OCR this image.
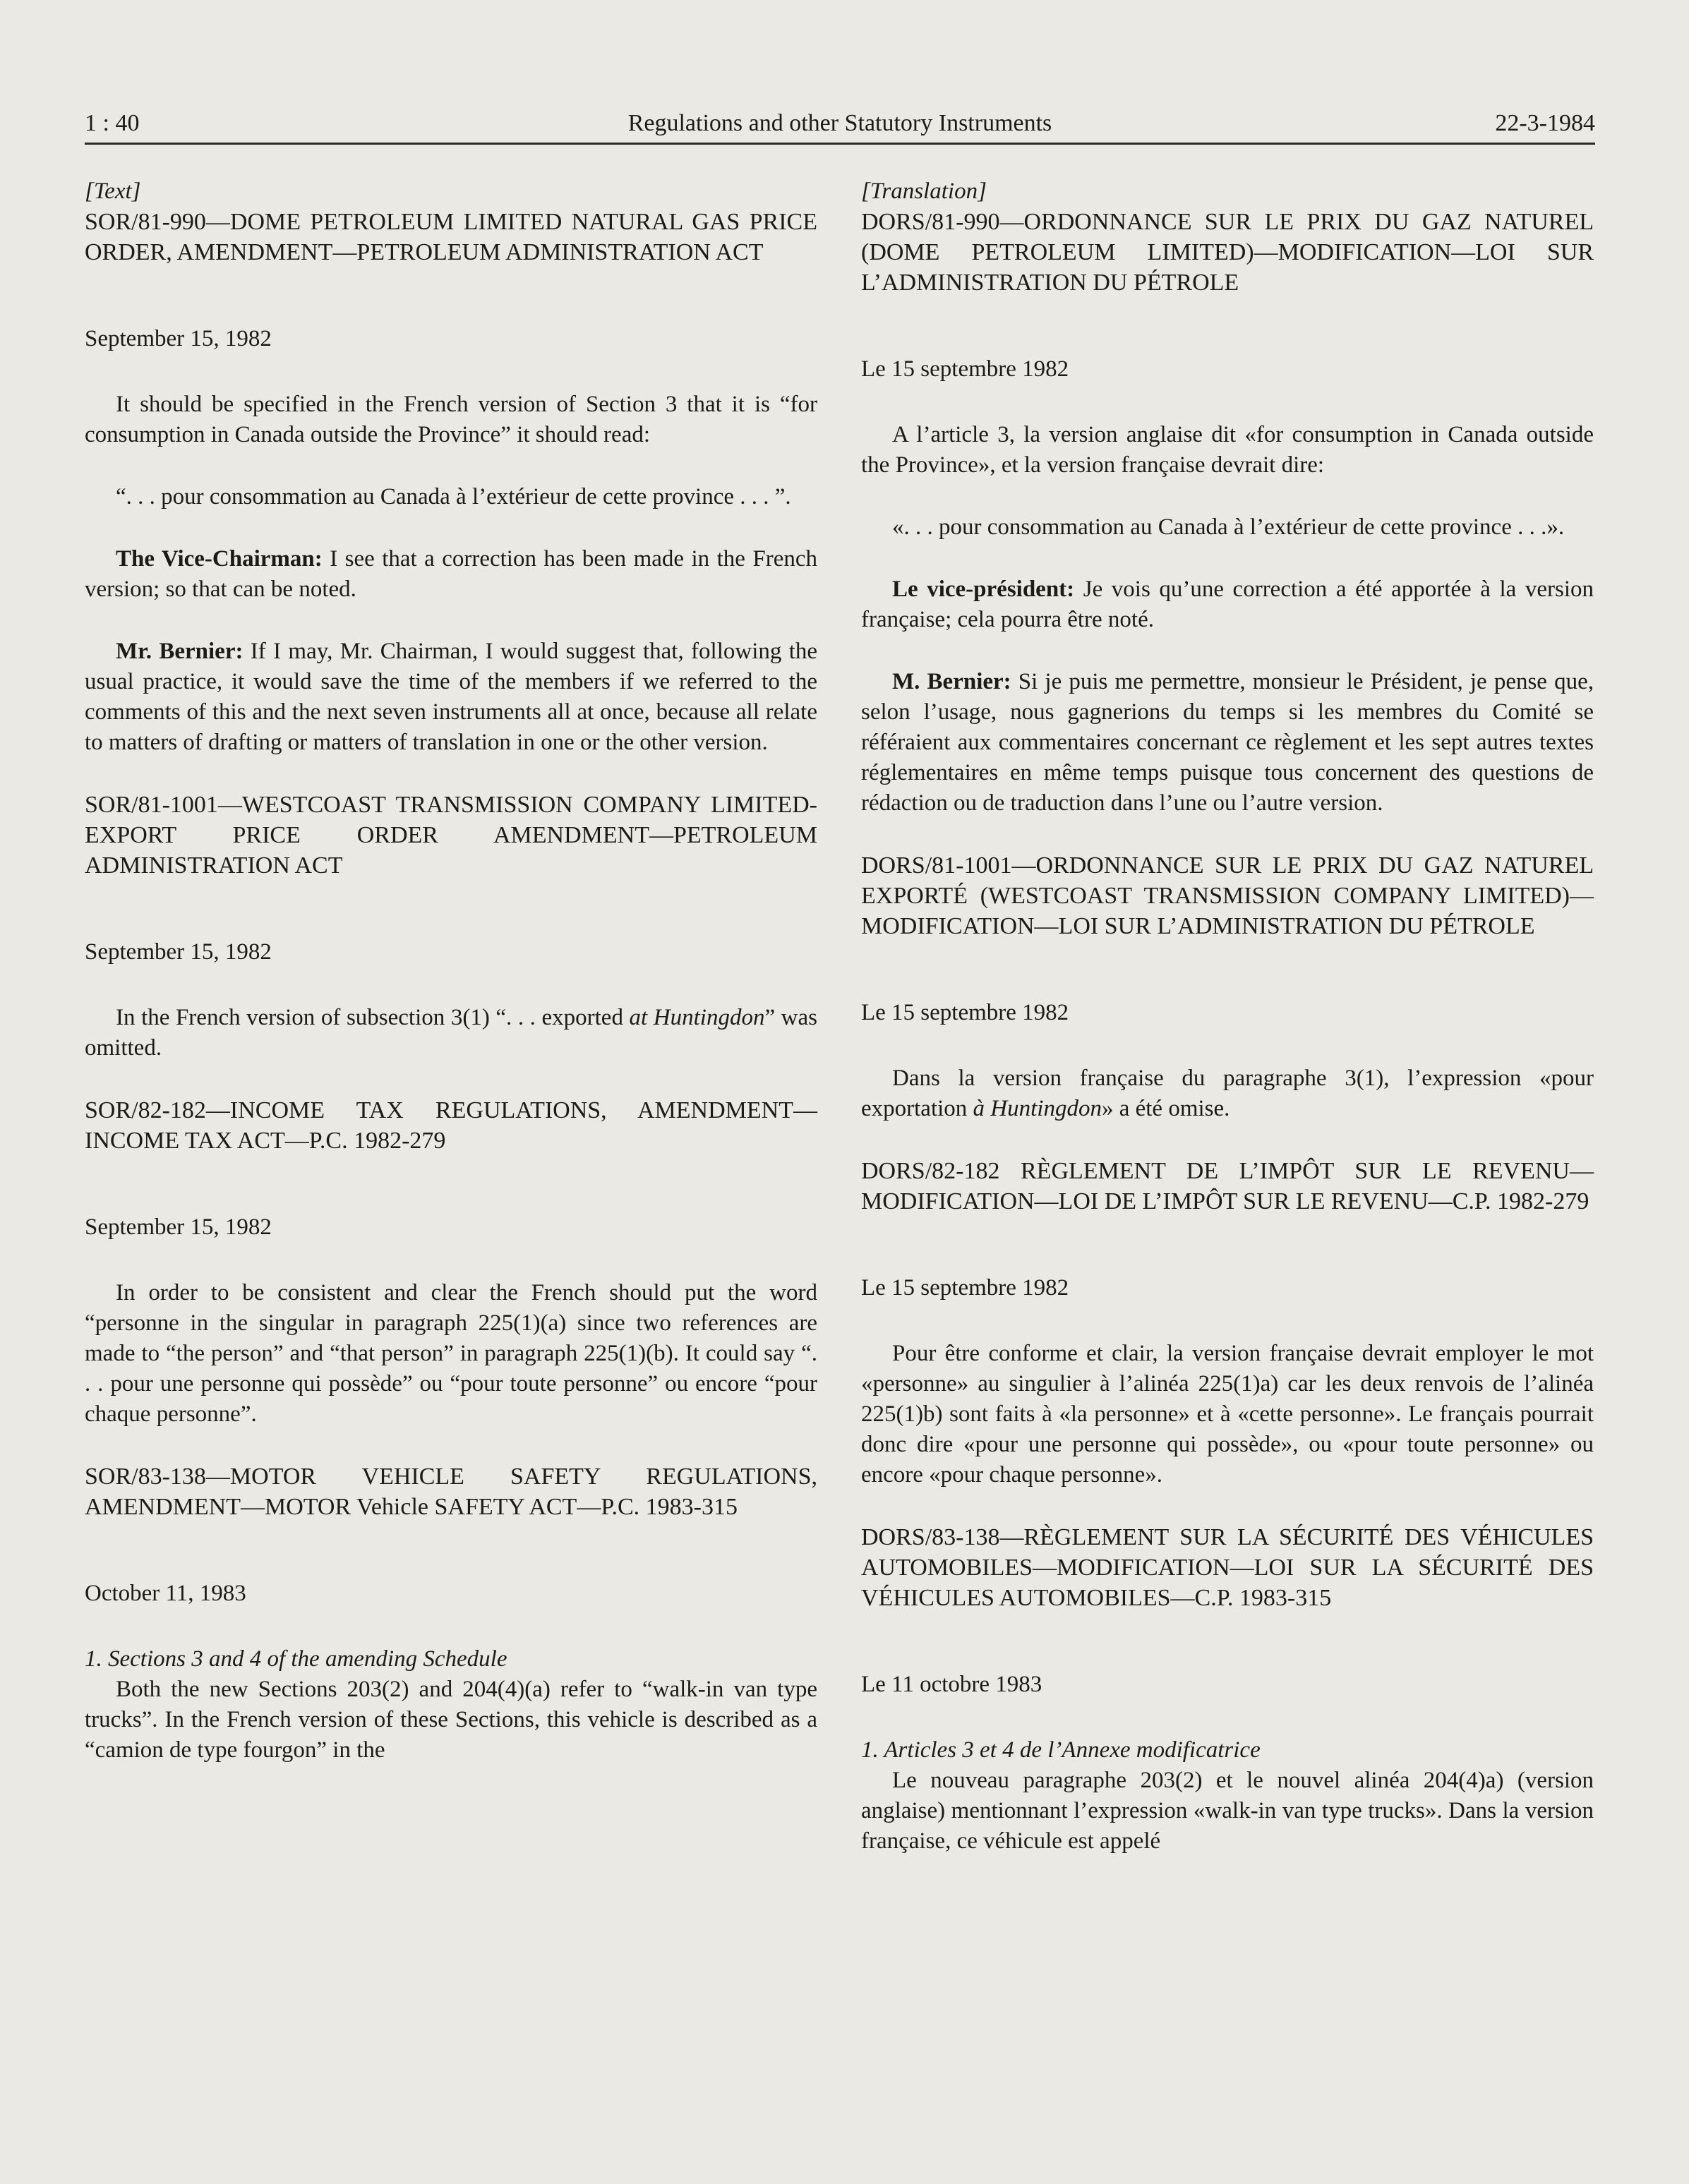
1 : 40	Regulations and other Statutory Instruments	22-3-1984

[Text]

SOR/81-990—DOME PETROLEUM LIMITED NATURAL GAS PRICE ORDER, AMENDMENT—PETROLEUM ADMINISTRATION ACT

September 15, 1982

It should be specified in the French version of Section 3 that it is “for consumption in Canada outside the Province” it should read:

“. . . pour consommation au Canada à l’extérieur de cette province . . . ”.

The Vice-Chairman: I see that a correction has been made in the French version; so that can be noted.

Mr. Bernier: If I may, Mr. Chairman, I would suggest that, following the usual practice, it would save the time of the members if we referred to the comments of this and the next seven instruments all at once, because all relate to matters of drafting or matters of translation in one or the other version.

SOR/81-1001—WESTCOAST TRANSMISSION COMPANY LIMITED-EXPORT PRICE ORDER AMENDMENT—PETROLEUM ADMINISTRATION ACT

September 15, 1982

In the French version of subsection 3(1) “. . . exported at Huntingdon” was omitted.

SOR/82-182—INCOME TAX REGULATIONS, AMENDMENT—INCOME TAX ACT—P.C. 1982-279

September 15, 1982

In order to be consistent and clear the French should put the word “personne in the singular in paragraph 225(1)(a) since two references are made to “the person” and “that person” in paragraph 225(1)(b). It could say “. . . pour une personne qui possède” ou “pour toute personne” ou encore “pour chaque personne”.

SOR/83-138—MOTOR VEHICLE SAFETY REGULATIONS, AMENDMENT—MOTOR Vehicle SAFETY ACT—P.C. 1983-315

October 11, 1983

1. Sections 3 and 4 of the amending Schedule

Both the new Sections 203(2) and 204(4)(a) refer to “walk-in van type trucks”. In the French version of these Sections, this vehicle is described as a “camion de type fourgon” in the

[Translation]

DORS/81-990—ORDONNANCE SUR LE PRIX DU GAZ NATUREL (DOME PETROLEUM LIMITED)—MODIFICATION—LOI SUR L’ADMINISTRATION DU PÉTROLE

Le 15 septembre 1982

A l’article 3, la version anglaise dit «for consumption in Canada outside the Province», et la version française devrait dire:

«. . . pour consommation au Canada à l’extérieur de cette province . . .».

Le vice-président: Je vois qu’une correction a été apportée à la version française; cela pourra être noté.

M. Bernier: Si je puis me permettre, monsieur le Président, je pense que, selon l’usage, nous gagnerions du temps si les membres du Comité se référaient aux commentaires concernant ce règlement et les sept autres textes réglementaires en même temps puisque tous concernent des questions de rédaction ou de traduction dans l’une ou l’autre version.

DORS/81-1001—ORDONNANCE SUR LE PRIX DU GAZ NATUREL EXPORTÉ (WESTCOAST TRANSMISSION COMPANY LIMITED)—MODIFICATION—LOI SUR L’ADMINISTRATION DU PÉTROLE

Le 15 septembre 1982

Dans la version française du paragraphe 3(1), l’expression «pour exportation à Huntingdon» a été omise.

DORS/82-182 RÈGLEMENT DE L’IMPÔT SUR LE REVENU—MODIFICATION—LOI DE L’IMPÔT SUR LE REVENU—C.P. 1982-279

Le 15 septembre 1982

Pour être conforme et clair, la version française devrait employer le mot «personne» au singulier à l’alinéa 225(1)a) car les deux renvois de l’alinéa 225(1)b) sont faits à «la personne» et à «cette personne». Le français pourrait donc dire «pour une personne qui possède», ou «pour toute personne» ou encore «pour chaque personne».

DORS/83-138—RÈGLEMENT SUR LA SÉCURITÉ DES VÉHICULES AUTOMOBILES—MODIFICATION—LOI SUR LA SÉCURITÉ DES VÉHICULES AUTOMOBILES—C.P. 1983-315

Le 11 octobre 1983

1. Articles 3 et 4 de l’Annexe modificatrice

Le nouveau paragraphe 203(2) et le nouvel alinéa 204(4)a) (version anglaise) mentionnant l’expression «walk-in van type trucks». Dans la version française, ce véhicule est appelé
